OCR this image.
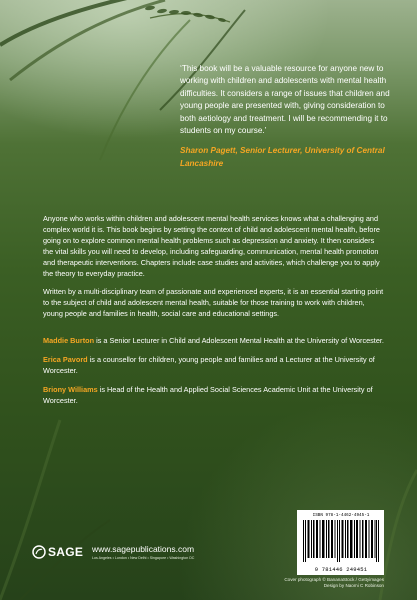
‘This book will be a valuable resource for anyone new to working with children and adolescents with mental health difficulties. It considers a range of issues that children and young people are presented with, giving consideration to both aetiology and treatment. I will be recommending it to students on my course.’
Sharon Pagett, Senior Lecturer, University of Central Lancashire

Anyone who works within children and adolescent mental health services knows what a challenging and complex world it is. This book begins by setting the context of child and adolescent mental health, before going on to explore common mental health problems such as depression and anxiety. It then considers the vital skills you will need to develop, including safeguarding, communication, mental health promotion and therapeutic interventions. Chapters include case studies and activities, which challenge you to apply the theory to everyday practice.

Written by a multi-disciplinary team of passionate and experienced experts, it is an essential starting point to the subject of child and adolescent mental health, suitable for those training to work with children, young people and families in health, social care and educational settings.

Maddie Burton is a Senior Lecturer in Child and Adolescent Mental Health at the University of Worcester.

Erica Pavord is a counsellor for children, young people and families and a Lecturer at the University of Worcester.

Briony Williams is Head of the Health and Applied Social Sciences Academic Unit at the University of Worcester.

ISBN 978-1-4462-4945-1
9 781446 249451
SAGE www.sagepublications.com
Los Angeles • London • New Delhi • Singapore • Washington DC
Cover photograph © BananaStock / Gettyimages
Design by Naomi C Robinson
